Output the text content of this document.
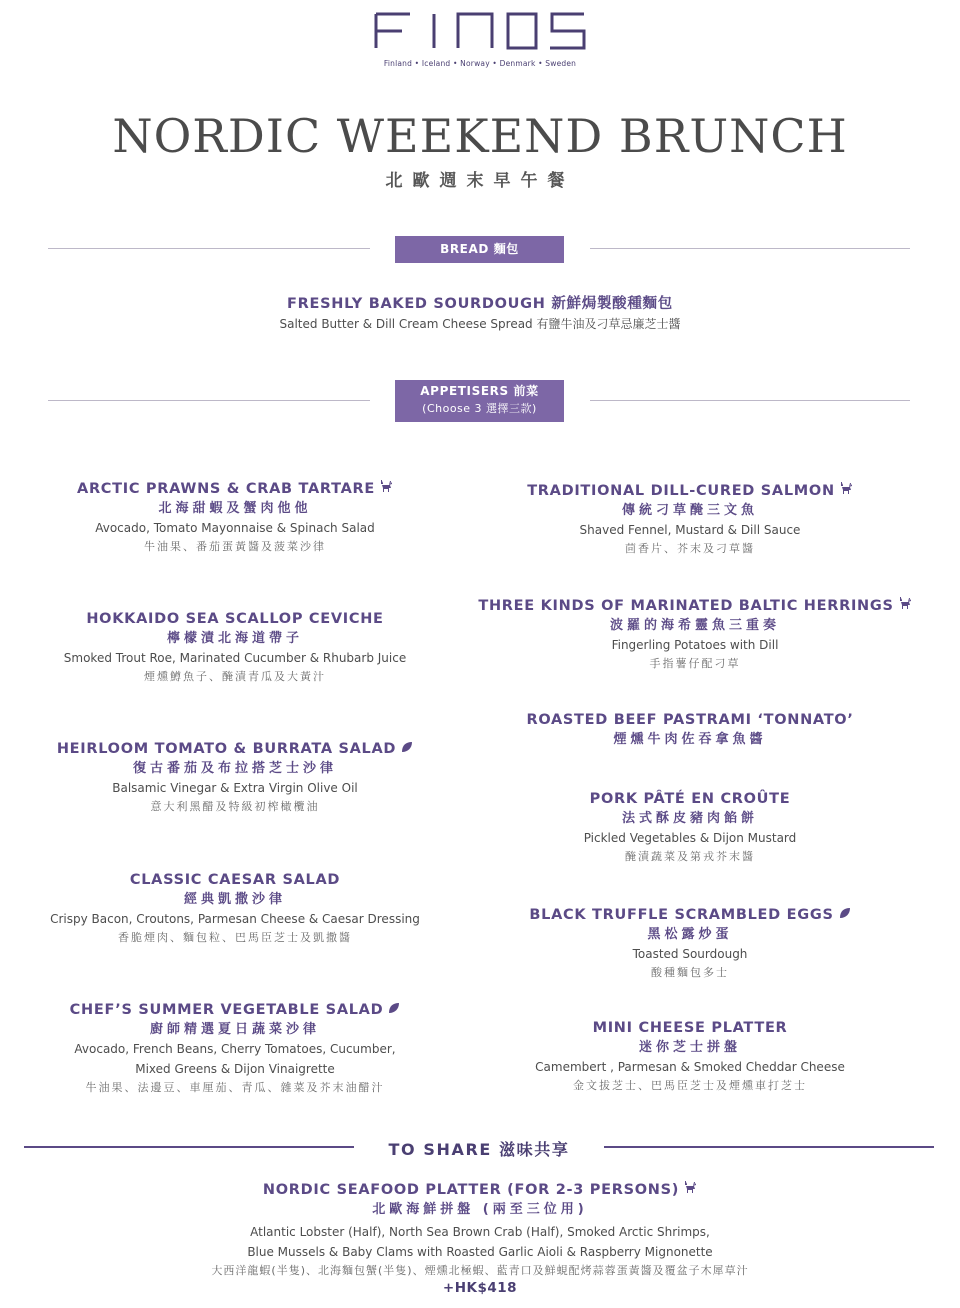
Finland • Iceland • Norway • Denmark • Sweden
NORDIC WEEKEND BRUNCH
北歐週末早午餐
BREAD 麵包
FRESHLY BAKED SOURDOUGH 新鮮焗製酸種麵包
Salted Butter & Dill Cream Cheese Spread 有鹽牛油及刁草忌廉芝士醬
APPETISERS 前菜
(Choose 3 選擇三款)
ARCTIC PRAWNS & CRAB TARTARE
北海甜蝦及蟹肉他他
Avocado, Tomato Mayonnaise & Spinach Salad
牛油果、番茄蛋黃醬及菠菜沙律
HOKKAIDO SEA SCALLOP CEVICHE
檸檬漬北海道帶子
Smoked Trout Roe, Marinated Cucumber & Rhubarb Juice
煙燻鱒魚子、醃漬青瓜及大黃汁
HEIRLOOM TOMATO & BURRATA SALAD
復古番茄及布拉搭芝士沙律
Balsamic Vinegar & Extra Virgin Olive Oil
意大利黑醋及特級初榨橄欖油
CLASSIC CAESAR SALAD
經典凱撒沙律
Crispy Bacon, Croutons, Parmesan Cheese & Caesar Dressing
香脆煙肉、麵包粒、巴馬臣芝士及凱撒醬
CHEF’S SUMMER VEGETABLE SALAD
廚師精選夏日蔬菜沙律
Avocado, French Beans, Cherry Tomatoes, Cucumber,
Mixed Greens & Dijon Vinaigrette
牛油果、法邊豆、車厘茄、青瓜、雜菜及芥末油醋汁
TRADITIONAL DILL-CURED SALMON
傳統刁草醃三文魚
Shaved Fennel, Mustard & Dill Sauce
茴香片、芥末及刁草醬
THREE KINDS OF MARINATED BALTIC HERRINGS
波羅的海希靈魚三重奏
Fingerling Potatoes with Dill
手指薯仔配刁草
ROASTED BEEF PASTRAMI ‘TONNATO’
煙燻牛肉佐吞拿魚醬
PORK PÂTÉ EN CROÛTE
法式酥皮豬肉餡餅
Pickled Vegetables & Dijon Mustard
醃漬蔬菜及第戎芥末醬
BLACK TRUFFLE SCRAMBLED EGGS
黑松露炒蛋
Toasted Sourdough
酸種麵包多士
MINI CHEESE PLATTER
迷你芝士拼盤
Camembert , Parmesan & Smoked Cheddar Cheese
金文拔芝士、巴馬臣芝士及煙燻車打芝士
TO SHARE 滋味共享
NORDIC SEAFOOD PLATTER (FOR 2-3 PERSONS)
北歐海鮮拼盤 (兩至三位用)
Atlantic Lobster (Half), North Sea Brown Crab (Half), Smoked Arctic Shrimps,
Blue Mussels & Baby Clams with Roasted Garlic Aioli & Raspberry Mignonette
大西洋龍蝦(半隻)、北海麵包蟹(半隻)、煙燻北極蝦、藍青口及鮮蜆配烤蒜蓉蛋黃醬及覆盆子木犀草汁
+HK$418
